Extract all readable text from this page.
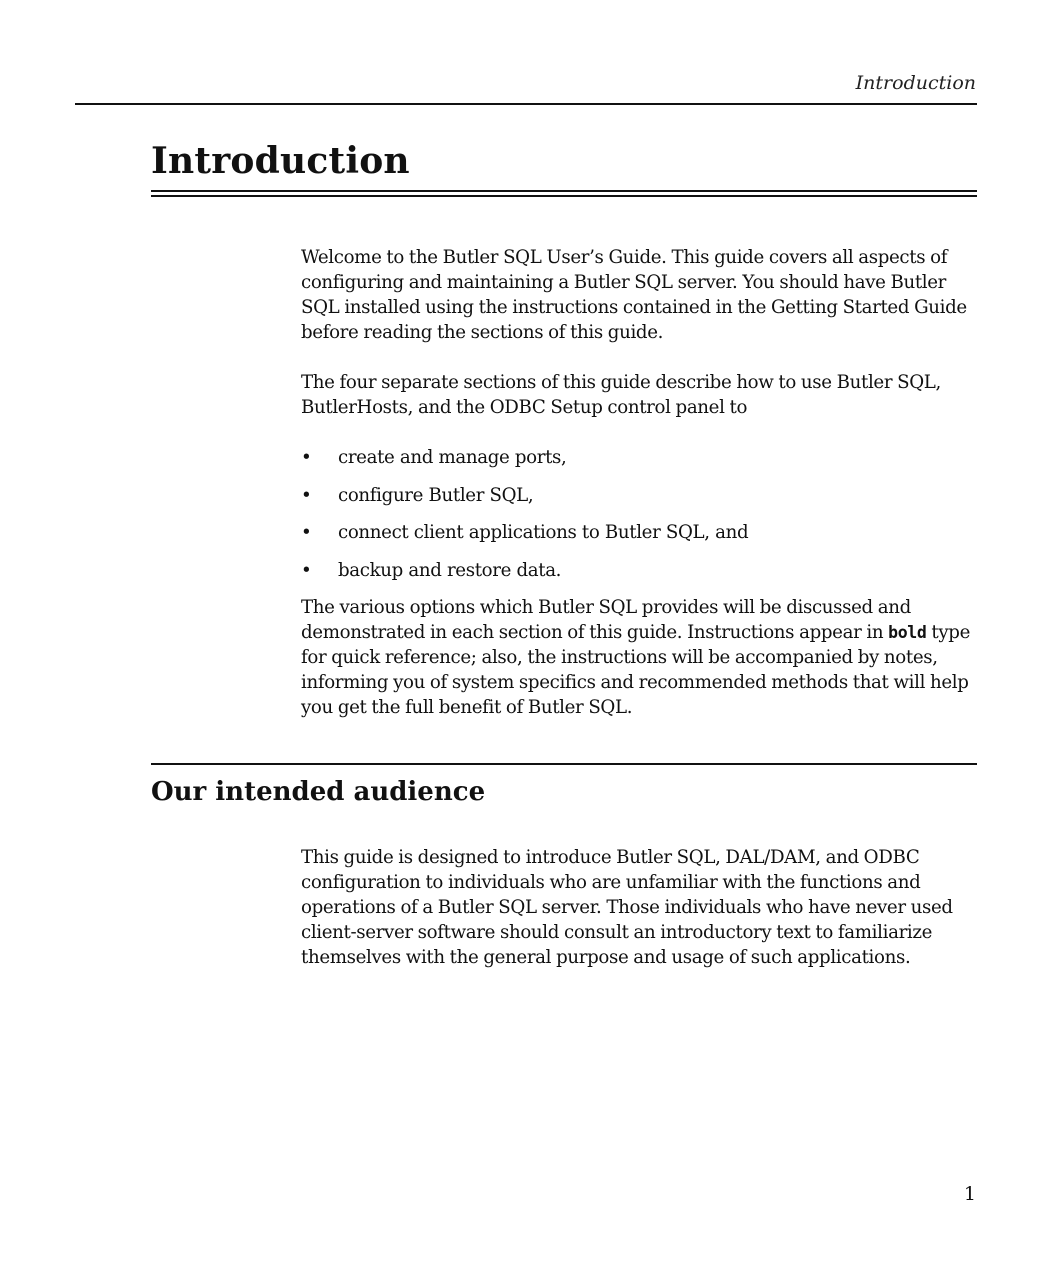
Introduction
Introduction

Welcome to the Butler SQL User’s Guide. This guide covers all aspects of configuring and maintaining a Butler SQL server. You should have Butler SQL installed using the instructions contained in the Getting Started Guide before reading the sections of this guide.

The four separate sections of this guide describe how to use Butler SQL, ButlerHosts, and the ODBC Setup control panel to

• create and manage ports,
• configure Butler SQL,
• connect client applications to Butler SQL, and
• backup and restore data.

The various options which Butler SQL provides will be discussed and demonstrated in each section of this guide. Instructions appear in bold type for quick reference; also, the instructions will be accompanied by notes, informing you of system specifics and recommended methods that will help you get the full benefit of Butler SQL.

Our intended audience

This guide is designed to introduce Butler SQL, DAL/DAM, and ODBC configuration to individuals who are unfamiliar with the functions and operations of a Butler SQL server. Those individuals who have never used client-server software should consult an introductory text to familiarize themselves with the general purpose and usage of such applications.

1
